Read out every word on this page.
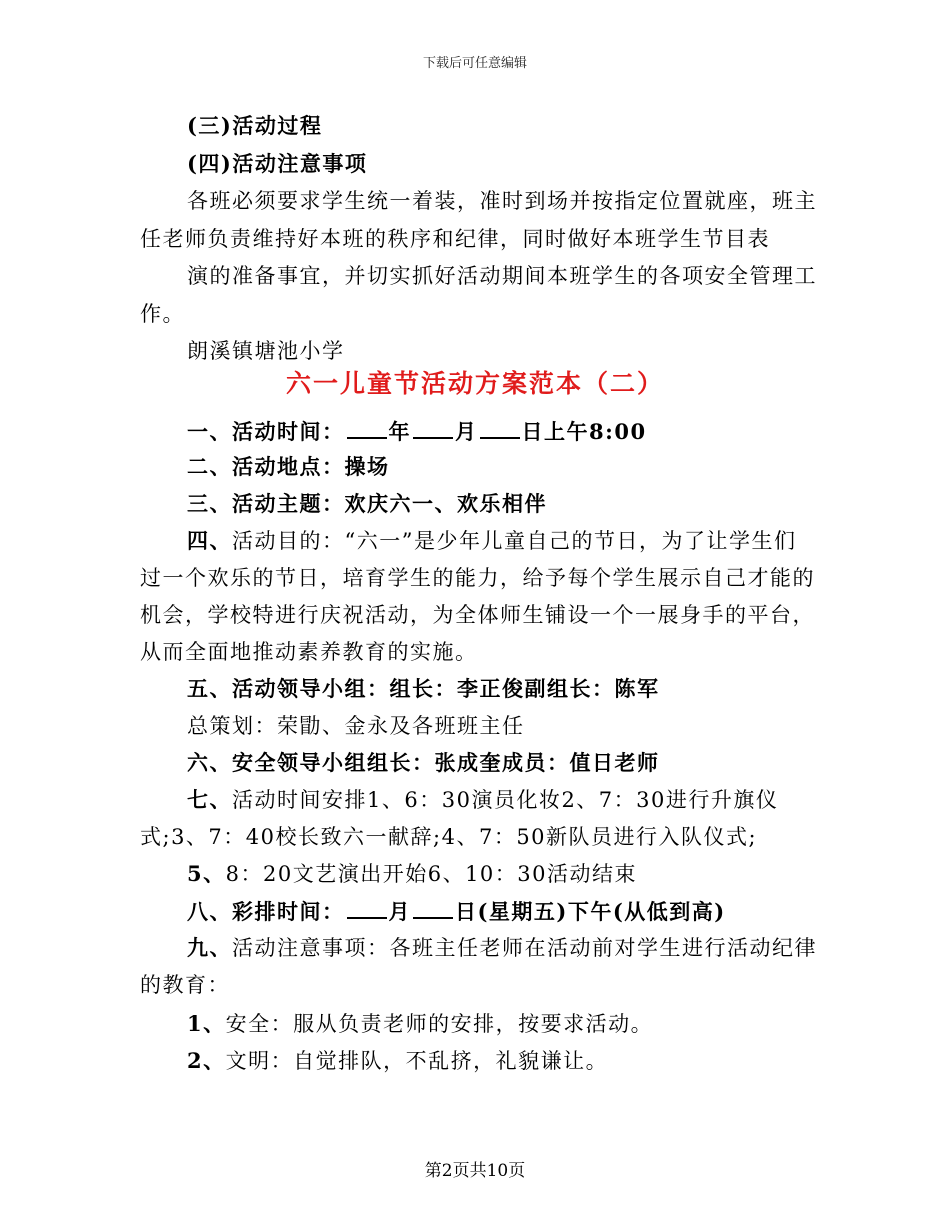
下载后可任意编辑
(三)活动过程
(四)活动注意事项
各班必须要求学生统一着装，准时到场并按指定位置就座，班主
任老师负责维持好本班的秩序和纪律，同时做好本班学生节目表
演的准备事宜，并切实抓好活动期间本班学生的各项安全管理工
作。
朗溪镇塘池小学
六一儿童节活动方案范本（二）
一、活动时间： 年 月 日上午8:00
二、活动地点：操场
三、活动主题：欢庆六一、欢乐相伴
四、活动目的：“六一”是少年儿童自己的节日，为了让学生们
过一个欢乐的节日，培育学生的能力，给予每个学生展示自己才能的
机会，学校特进行庆祝活动，为全体师生铺设一个一展身手的平台，
从而全面地推动素养教育的实施。
五、活动领导小组：组长：李正俊副组长：陈军
总策划：荣勖、金永及各班班主任
六、安全领导小组组长：张成奎成员：值日老师
七、活动时间安排1、6：30演员化妆2、7：30进行升旗仪
式;3、7：40校长致六一献辞;4、7：50新队员进行入队仪式;
5、8：20文艺演出开始6、10：30活动结束
八、彩排时间： 月 日(星期五)下午(从低到高)
九、活动注意事项：各班主任老师在活动前对学生进行活动纪律
的教育：
1、安全：服从负责老师的安排，按要求活动。
2、文明：自觉排队，不乱挤，礼貌谦让。
第2页共10页
